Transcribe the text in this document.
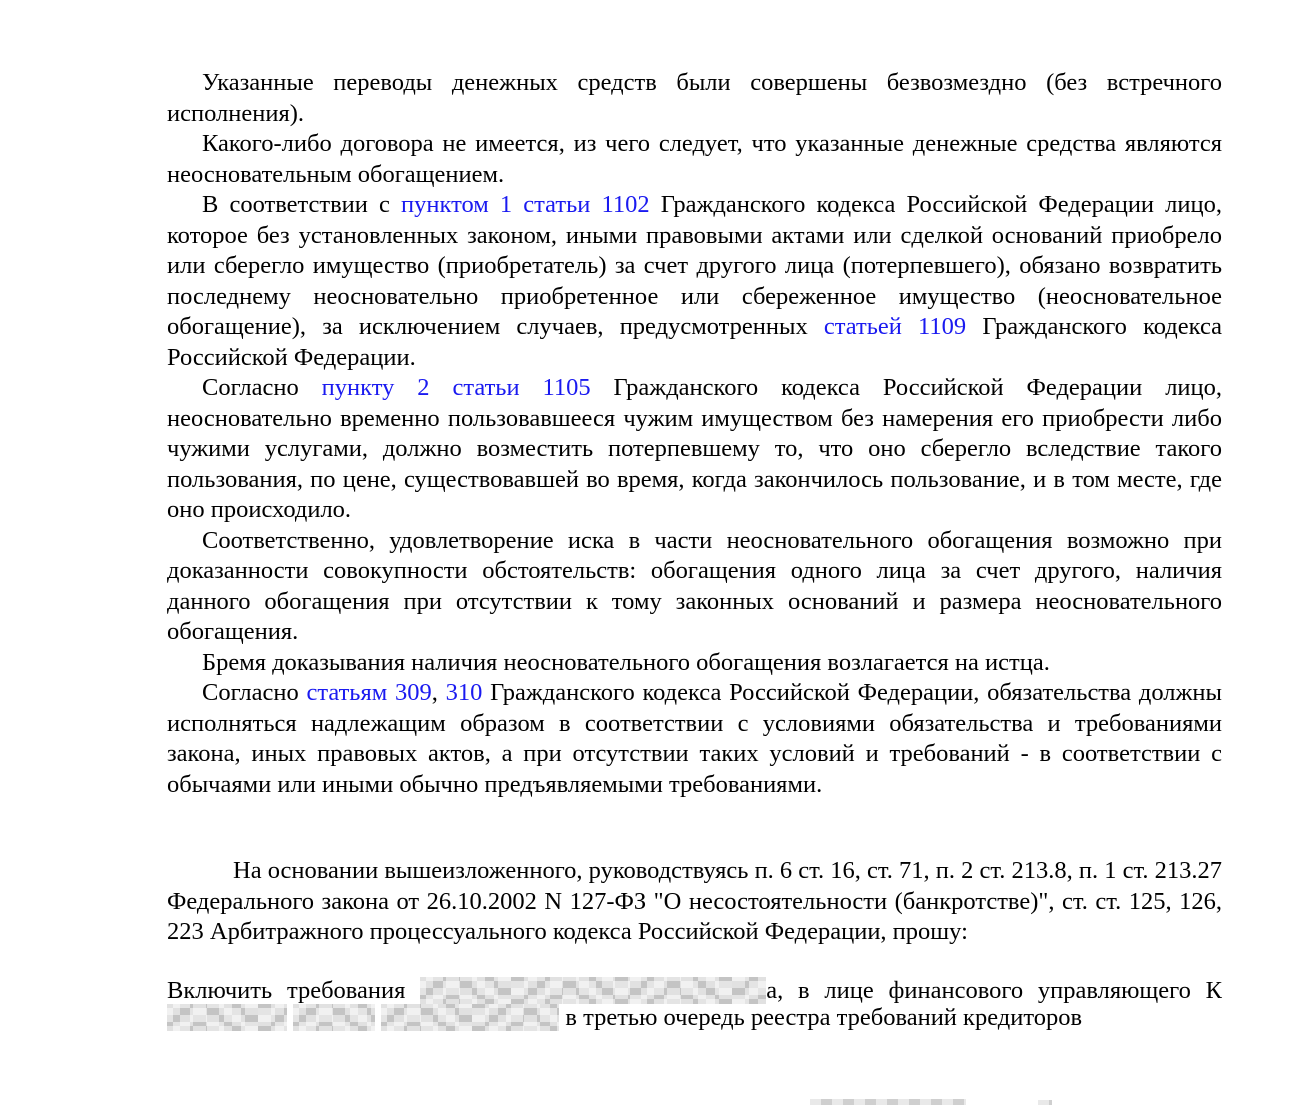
Указанные переводы денежных средств были совершены безвозмездно (без встречного исполнения).

Какого-либо договора не имеется, из чего следует, что указанные денежные средства являются неосновательным обогащением.

В соответствии с пунктом 1 статьи 1102 Гражданского кодекса Российской Федерации лицо, которое без установленных законом, иными правовыми актами или сделкой оснований приобрело или сберегло имущество (приобретатель) за счет другого лица (потерпевшего), обязано возвратить последнему неосновательно приобретенное или сбереженное имущество (неосновательное обогащение), за исключением случаев, предусмотренных статьей 1109 Гражданского кодекса Российской Федерации.

Согласно пункту 2 статьи 1105 Гражданского кодекса Российской Федерации лицо, неосновательно временно пользовавшееся чужим имуществом без намерения его приобрести либо чужими услугами, должно возместить потерпевшему то, что оно сберегло вследствие такого пользования, по цене, существовавшей во время, когда закончилось пользование, и в том месте, где оно происходило.

Соответственно, удовлетворение иска в части неосновательного обогащения возможно при доказанности совокупности обстоятельств: обогащения одного лица за счет другого, наличия данного обогащения при отсутствии к тому законных оснований и размера неосновательного обогащения.

Бремя доказывания наличия неосновательного обогащения возлагается на истца.

Согласно статьям 309, 310 Гражданского кодекса Российской Федерации, обязательства должны исполняться надлежащим образом в соответствии с условиями обязательства и требованиями закона, иных правовых актов, а при отсутствии таких условий и требований - в соответствии с обычаями или иными обычно предъявляемыми требованиями.

На основании вышеизложенного, руководствуясь п. 6 ст. 16, ст. 71, п. 2 ст. 213.8, п. 1 ст. 213.27 Федерального закона от 26.10.2002 N 127-ФЗ "О несостоятельности (банкротстве)", ст. ст. 125, 126, 223 Арбитражного процессуального кодекса Российской Федерации, прошу:

Включить требования	а, в лице финансового управляющего К   в третью очередь реестра требований кредиторов
